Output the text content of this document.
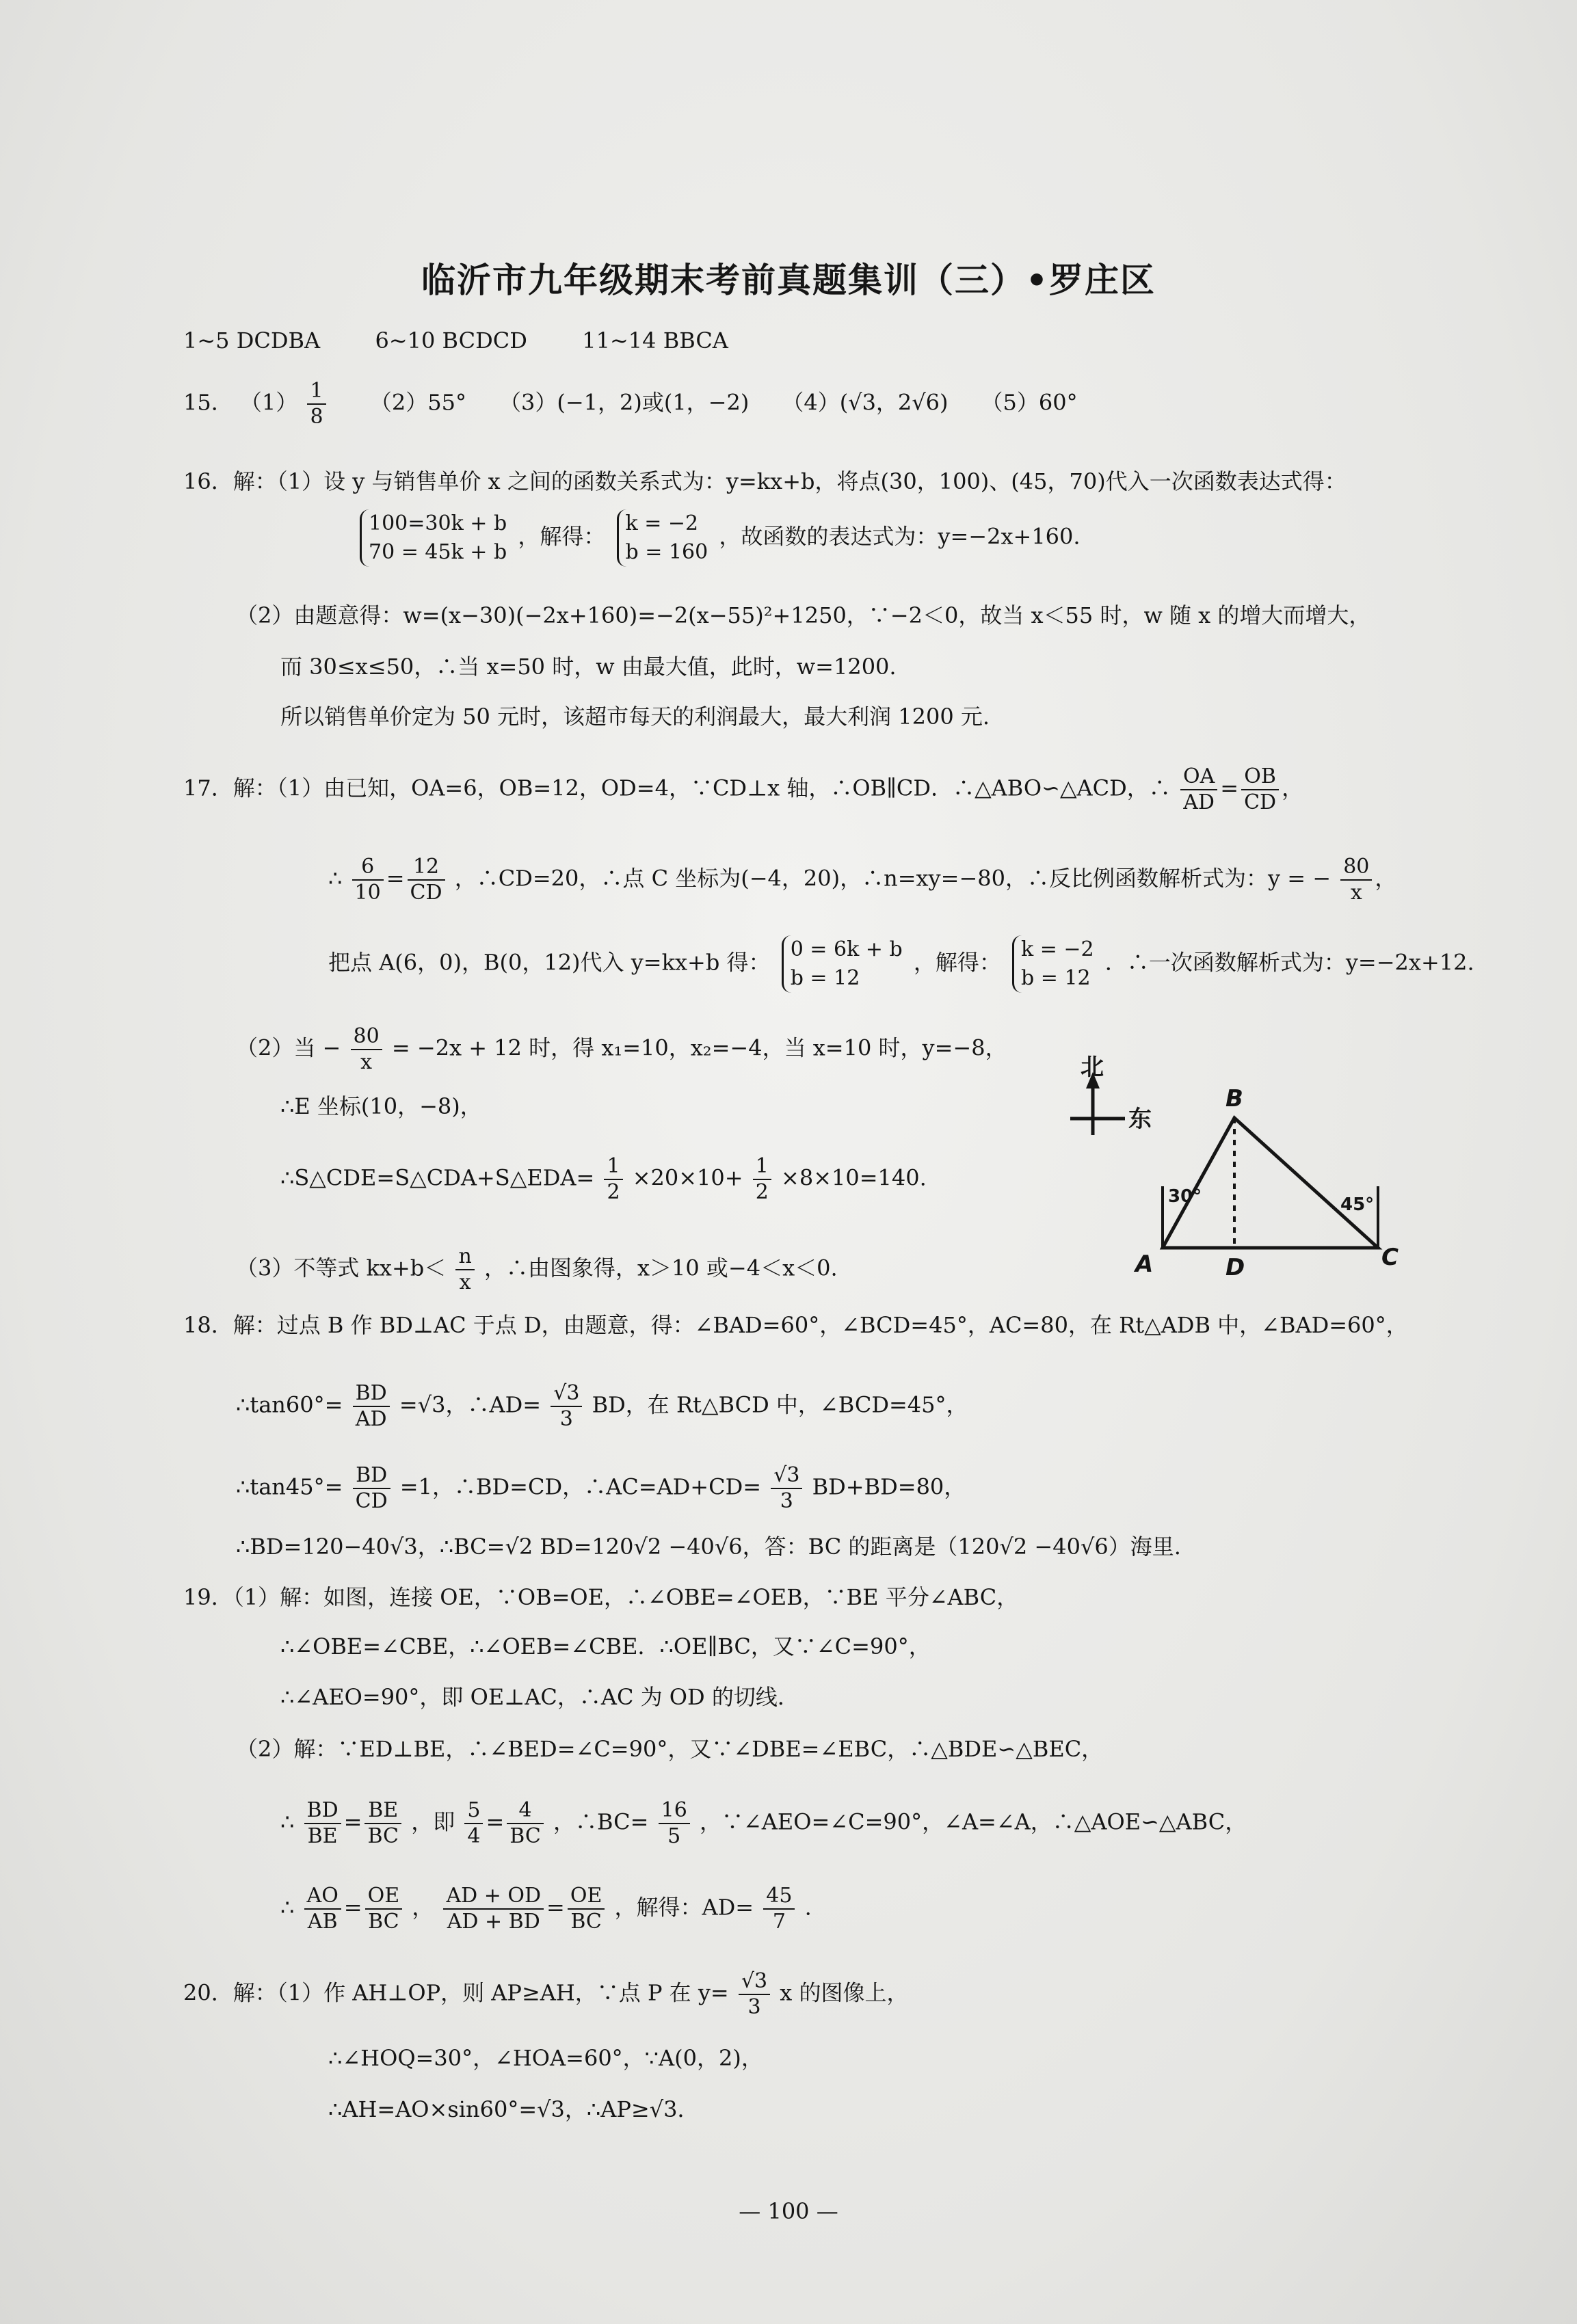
临沂市九年级期末考前真题集训（三）•罗庄区
1~5 DCDBA	6~10 BCDCD	11~14 BBCA
15． $(1) \frac{1}{8} (2)55^\circ$　　（3）(−1，2)或(1，−2)　　（4）(√3，2√6)　　（5）60°
16．解：（1）设 y 与销售单价 x 之间的函数关系式为：y=kx+b，将点(30，100)、(45，70)代入一次函数表达式得：
100=30k + b
70 = 45k + b
，解得： k = −2
b = 160
，故函数的表达式为：y=−2x+160.
（2）由题意得：w=(x−30)(−2x+160)=−2(x−55)²+1250，∵−2＜0，故当 x＜55 时，w 随 x 的增大而增大，
而 30≤x≤50，∴当 x=50 时，w 由最大值，此时，w=1200.
所以销售单价定为 50 元时，该超市每天的利润最大，最大利润 1200 元.
17．解：（1）由已知，OA=6，OB=12，OD=4，∵CD⊥x 轴，∴OB∥CD．∴△ABO∽△ACD，∴ $\frac{OA}{AD} = \frac{OB}{CD}$ ，
∴ $\frac{6}{10} = \frac{12}{CD}$ ，∴CD=20，∴点 C 坐标为(−4，20)，∴n=xy=−80，∴反比例函数解析式为：y = − $\frac{80}{x}$ ，
把点 A(6，0)，B(0，12)代入 y=kx+b 得： 0 = 6k + b
b = 12
，解得： k = −2
b = 12
．∴一次函数解析式为：y=−2x+12.
（2）当 − $\frac{80}{x} = -2x + 12$ 时，得 x₁=10，x₂=−4，当 x=10 时，y=−8，
∴E 坐标(10，−8)，
∴S△CDE=S△CDA+S△EDA= $\frac{1}{2} \times 20\times 10+ \frac{1}{2} \times 8\times 10=140$.
（3）不等式 $kx+b< \frac{n}{x}$ ，∴由图象得，x＞10 或−4＜x＜0.
北
东
B
A	D	C
30°	45°
18．解：过点 B 作 BD⊥AC 于点 D，由题意，得：∠BAD=60°，∠BCD=45°，AC=80，在 Rt△ADB 中，∠BAD=60°，
∴tan60°= $\frac{BD}{AD} =√3$，∴AD= $\frac{√3}{3}$ BD，在 Rt△BCD 中，∠BCD=45°，
∴tan45°= $\frac{BD}{CD} =1$，∴BD=CD，∴AC=AD+CD= $\frac{√3}{3} BD+BD=80$，
∴BD=120−40√3，∴BC=√2 BD=120√2 −40√6，答：BC 的距离是（120√2 −40√6）海里.
19．（1）解：如图，连接 OE，∵OB=OE，∴∠OBE=∠OEB，∵BE 平分∠ABC，
∴∠OBE=∠CBE，∴∠OEB=∠CBE．∴OE∥BC，又∵∠C=90°，
∴∠AEO=90°，即 OE⊥AC，∴AC 为 OD 的切线．
（2）解：∵ED⊥BE，∴∠BED=∠C=90°，又∵∠DBE=∠EBC，∴△BDE∽△BEC，
∴ $\frac{BD}{BE} = \frac{BE}{BC}$ ，即 $\frac{5}{4} = \frac{4}{BC}$ ，∴BC= $\frac{16}{5}$ ，∵∠AEO=∠C=90°，∠A=∠A，∴△AOE∽△ABC，
∴ $\frac{AO}{AB} = \frac{OE}{BC}$ ， $\frac{AD + OD}{AD + BD} = \frac{OE}{BC}$ ，解得：$AD= \frac{45}{7}$ .
20．解：（1）作 AH⊥OP，则 AP≥AH，∵点 P 在 $y= \frac{√3}{3}$ x 的图像上，
∴∠HOQ=30°，∠HOA=60°，∵A(0，2)，
∴AH=AO×sin60°=√3，∴AP≥√3．
— 100 —
